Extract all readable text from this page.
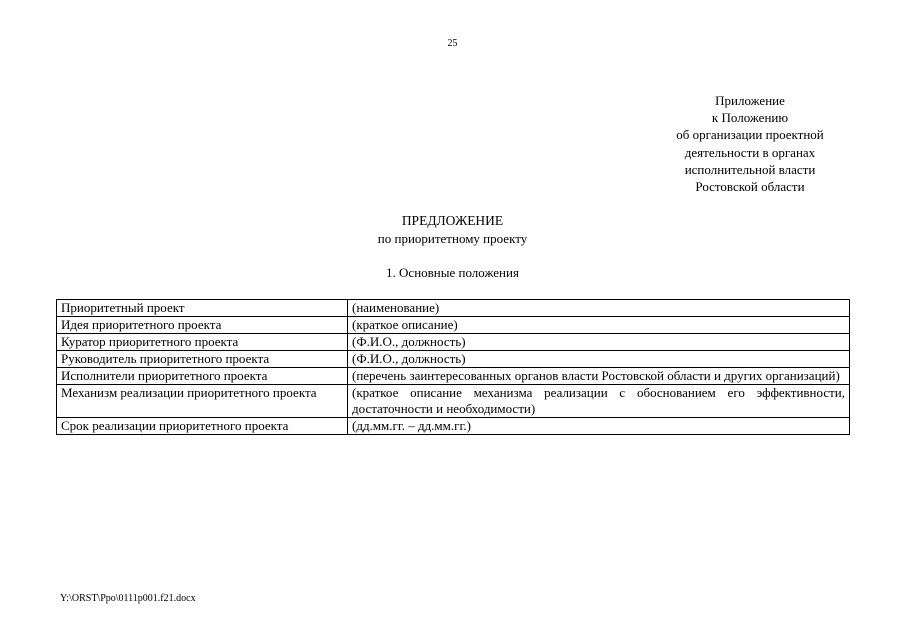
25
Приложение
к Положению
об организации проектной
деятельности в органах
исполнительной власти
Ростовской области
ПРЕДЛОЖЕНИЕ
по приоритетному проекту
1. Основные положения
Приоритетный проект	(наименование)
Идея приоритетного проекта	(краткое описание)
Куратор приоритетного проекта	(Ф.И.О., должность)
Руководитель приоритетного проекта	(Ф.И.О., должность)
Исполнители приоритетного проекта	(перечень заинтересованных органов власти Ростовской области и других организаций)
Механизм реализации приоритетного проекта	(краткое описание механизма реализации с обоснованием его эффективности, достаточности и необходимости)
Срок реализации приоритетного проекта	(дд.мм.гг. – дд.мм.гг.)
Y:\ORST\Ppo\0111p001.f21.docx
